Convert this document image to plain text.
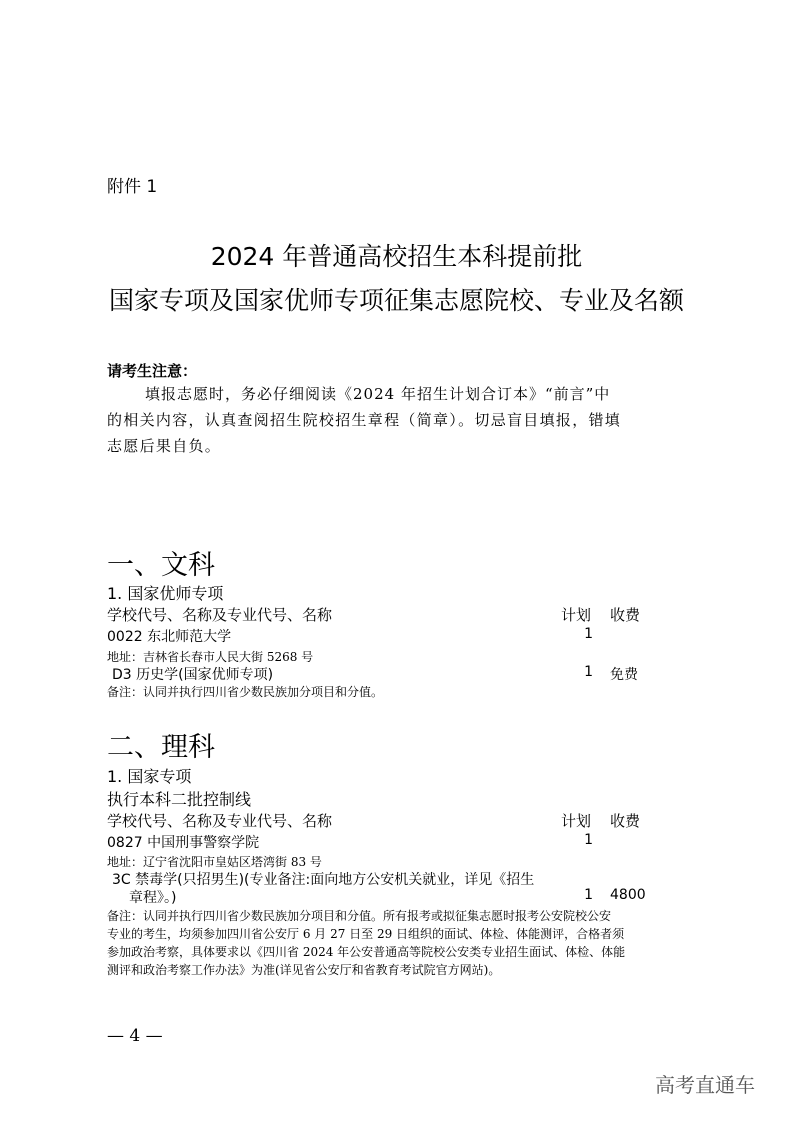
附件 1
2024 年普通高校招生本科提前批
国家专项及国家优师专项征集志愿院校、专业及名额
请考生注意：
填报志愿时，务必仔细阅读《2024 年招生计划合订本》“前言”中
的相关内容，认真查阅招生院校招生章程（简章）。切忌盲目填报，错填
志愿后果自负。
一、文科
1. 国家优师专项
学校代号、名称及专业代号、名称	计划 收费
0022 东北师范大学	1
地址：吉林省长春市人民大街 5268 号
D3 历史学(国家优师专项)	1 免费
备注：认同并执行四川省少数民族加分项目和分值。
二、理科
1. 国家专项
执行本科二批控制线
学校代号、名称及专业代号、名称	计划 收费
0827 中国刑事警察学院	1
地址：辽宁省沈阳市皇姑区塔湾街 83 号
3C 禁毒学(只招男生)(专业备注:面向地方公安机关就业，详见《招生
章程》。)	1 4800
备注：认同并执行四川省少数民族加分项目和分值。所有报考或拟征集志愿时报考公安院校公安
专业的考生，均须参加四川省公安厅 6 月 27 日至 29 日组织的面试、体检、体能测评，合格者须
参加政治考察，具体要求以《四川省 2024 年公安普通高等院校公安类专业招生面试、体检、体能
测评和政治考察工作办法》为准(详见省公安厅和省教育考试院官方网站)。
— 4 —
高考直通车
